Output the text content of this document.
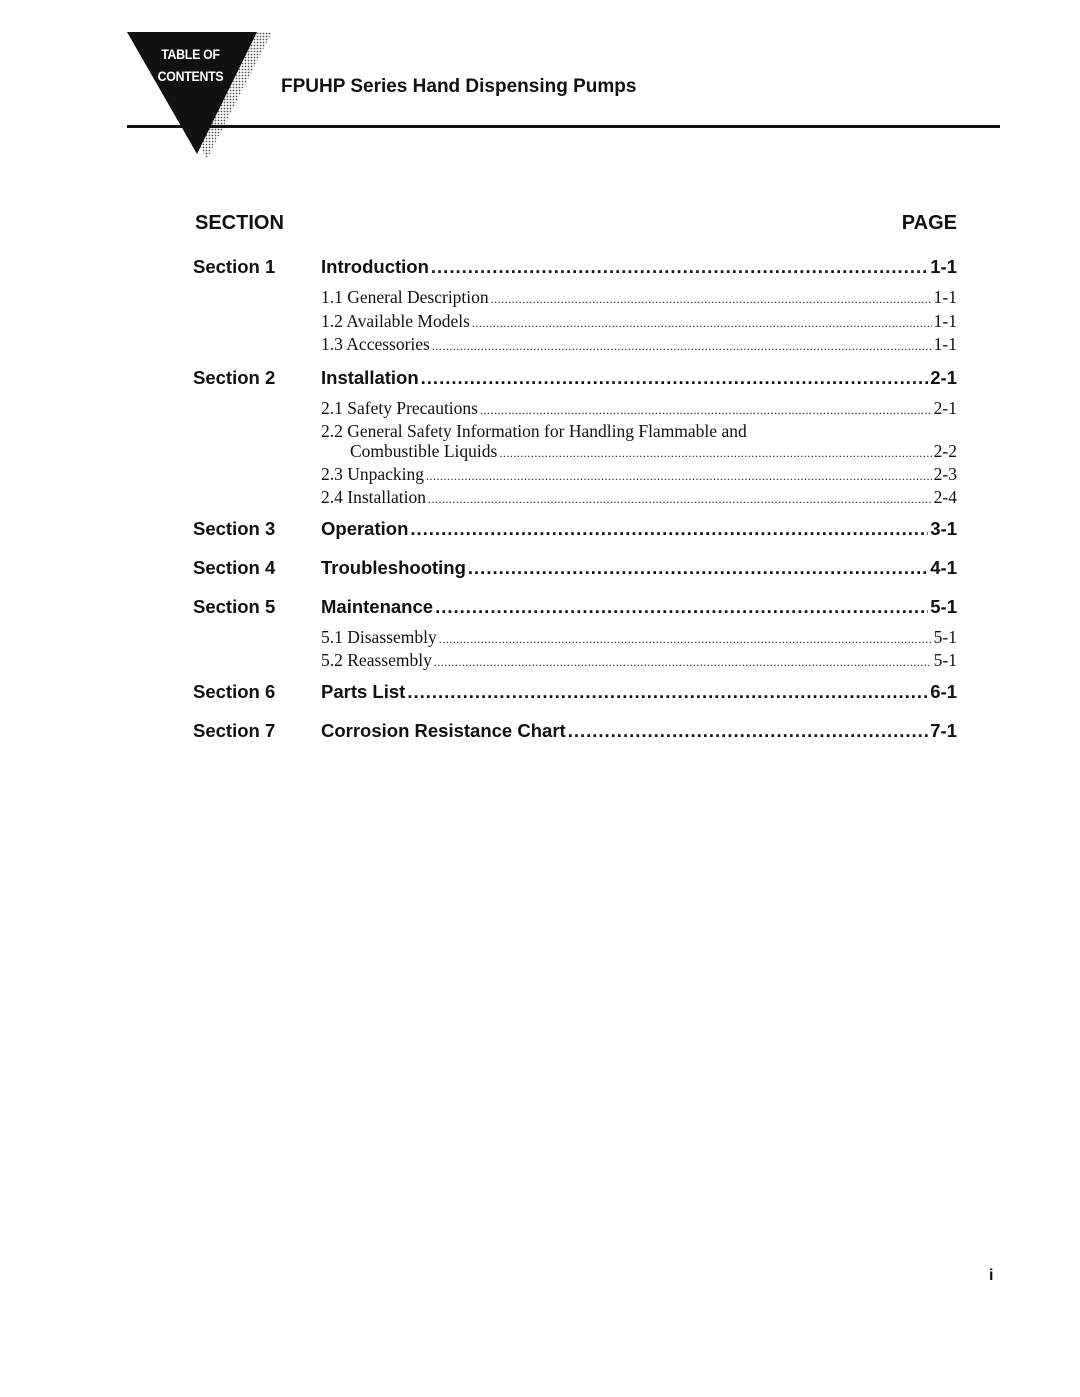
TABLE OF
CONTENTS	FPUHP Series Hand Dispensing Pumps
SECTION	PAGE
Section 1 Introduction .....	1-1
1.1 General Description .....	1-1
1.2 Available Models .....	1-1
1.3 Accessories .....	1-1
Section 2 Installation .....	2-1
2.1 Safety Precautions .....	2-1
2.2 General Safety Information for Handling Flammable and
Combustible Liquids .....	2-2
2.3 Unpacking .....	2-3
2.4 Installation .....	2-4
Section 3 Operation .....	3-1
Section 4 Troubleshooting .....	4-1
Section 5 Maintenance .....	5-1
5.1 Disassembly .....	5-1
5.2 Reassembly .....	5-1
Section 6 Parts List .....	6-1
Section 7 Corrosion Resistance Chart .....	7-1
i
